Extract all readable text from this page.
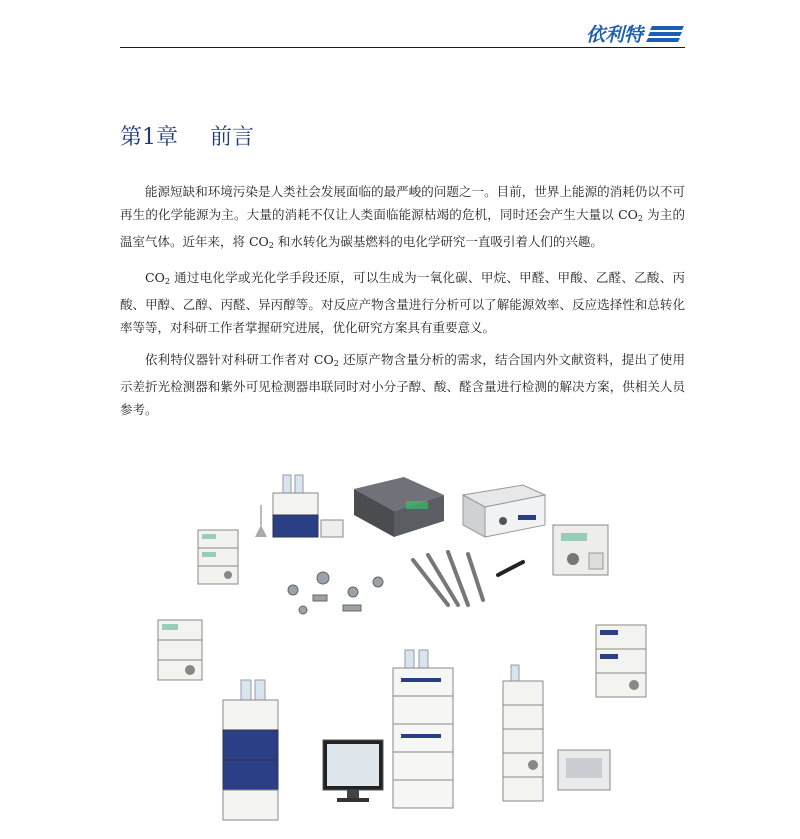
依利特
第1章 前言

能源短缺和环境污染是人类社会发展面临的最严峻的问题之一。目前，世界上能源的消耗仍以不可再生的化学能源为主。大量的消耗不仅让人类面临能源枯竭的危机，同时还会产生大量以 $CO_2$ 为主的温室气体。近年来，将 $CO_2$ 和水转化为碳基燃料的电化学研究一直吸引着人们的兴趣。

$CO_2$ 通过电化学或光化学手段还原，可以生成为一氧化碳、甲烷、甲醛、甲酸、乙醛、乙酸、丙酸、甲醇、乙醇、丙醛、异丙醇等。对反应产物含量进行分析可以了解能源效率、反应选择性和总转化率等等，对科研工作者掌握研究进展，优化研究方案具有重要意义。

依利特仪器针对科研工作者对 $CO_2$ 还原产物含量分析的需求，结合国内外文献资料，提出了使用示差折光检测器和紫外可见检测器串联同时对小分子醇、酸、醛含量进行检测的解决方案，供相关人员参考。
